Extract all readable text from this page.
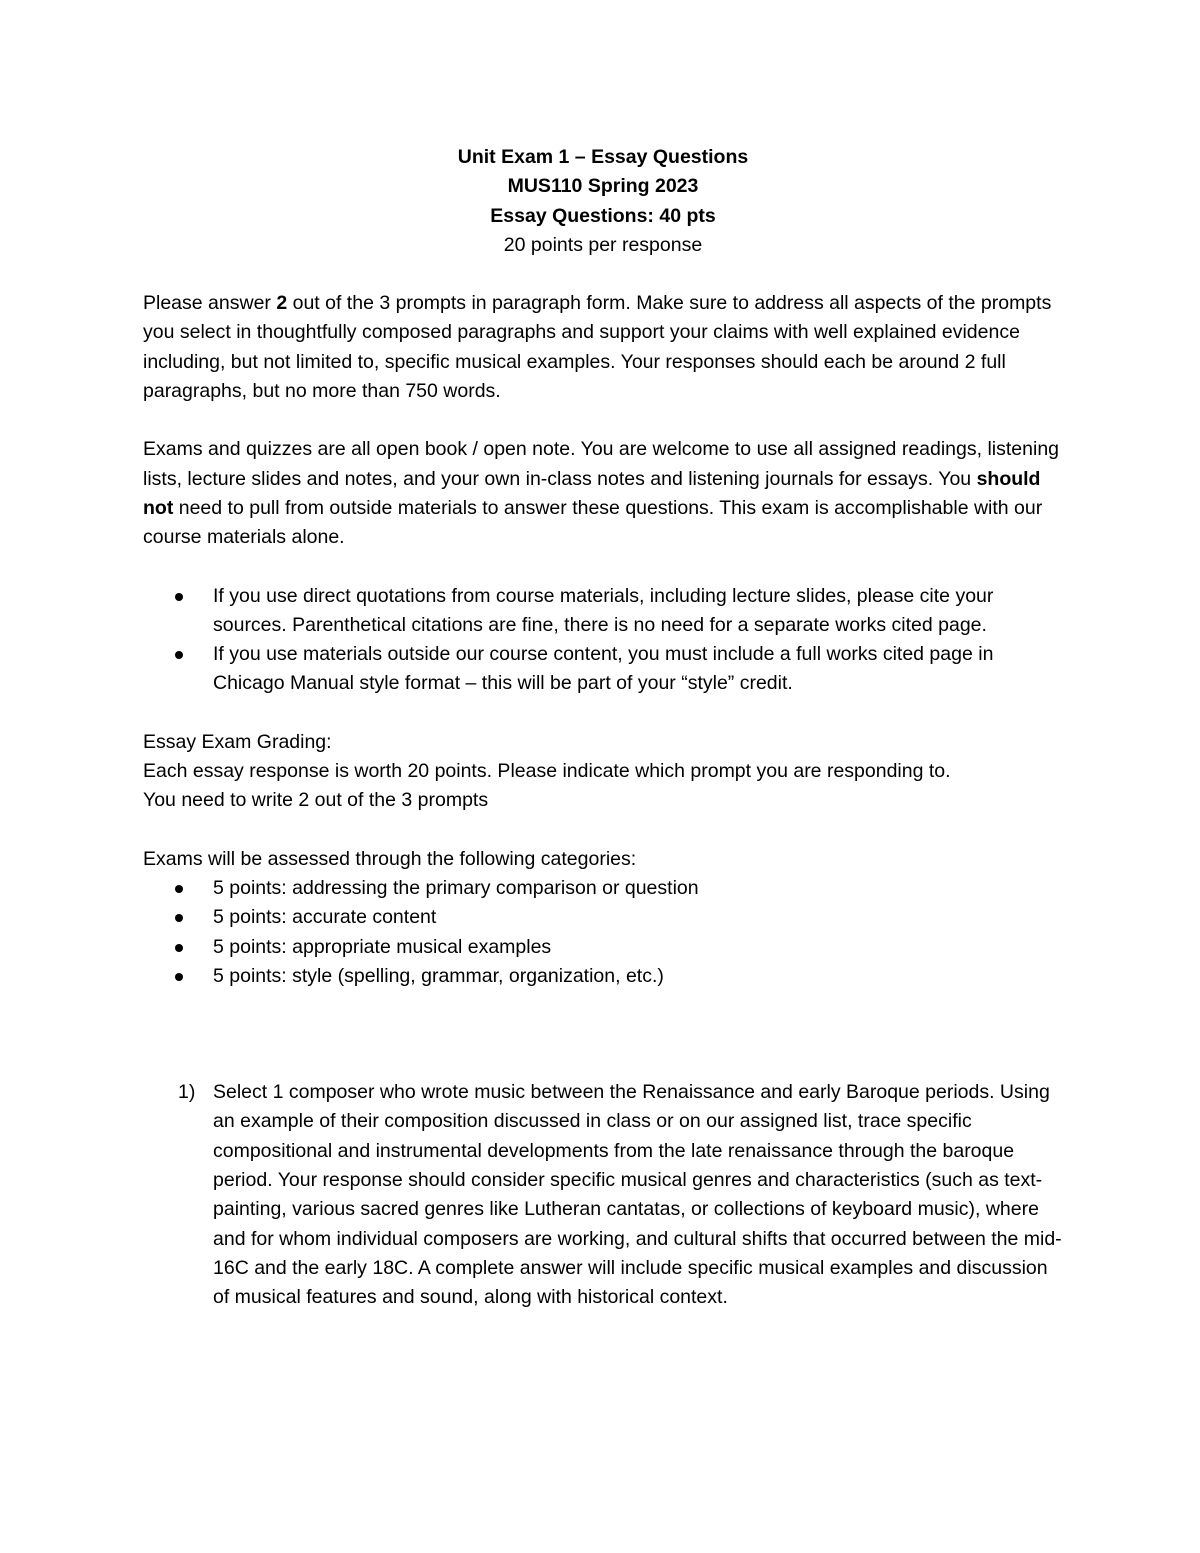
Unit Exam 1 – Essay Questions
MUS110 Spring 2023
Essay Questions: 40 pts
20 points per response

Please answer 2 out of the 3 prompts in paragraph form. Make sure to address all aspects of the prompts you select in thoughtfully composed paragraphs and support your claims with well explained evidence including, but not limited to, specific musical examples. Your responses should each be around 2 full paragraphs, but no more than 750 words.

Exams and quizzes are all open book / open note. You are welcome to use all assigned readings, listening lists, lecture slides and notes, and your own in-class notes and listening journals for essays. You should not need to pull from outside materials to answer these questions. This exam is accomplishable with our course materials alone.

If you use direct quotations from course materials, including lecture slides, please cite your sources. Parenthetical citations are fine, there is no need for a separate works cited page.
If you use materials outside our course content, you must include a full works cited page in Chicago Manual style format – this will be part of your “style” credit.

Essay Exam Grading:
Each essay response is worth 20 points. Please indicate which prompt you are responding to.
You need to write 2 out of the 3 prompts

Exams will be assessed through the following categories:
5 points: addressing the primary comparison or question
5 points: accurate content
5 points: appropriate musical examples
5 points: style (spelling, grammar, organization, etc.)
1) Select 1 composer who wrote music between the Renaissance and early Baroque periods. Using an example of their composition discussed in class or on our assigned list, trace specific compositional and instrumental developments from the late renaissance through the baroque period. Your response should consider specific musical genres and characteristics (such as text-painting, various sacred genres like Lutheran cantatas, or collections of keyboard music), where and for whom individual composers are working, and cultural shifts that occurred between the mid-16C and the early 18C. A complete answer will include specific musical examples and discussion of musical features and sound, along with historical context.
